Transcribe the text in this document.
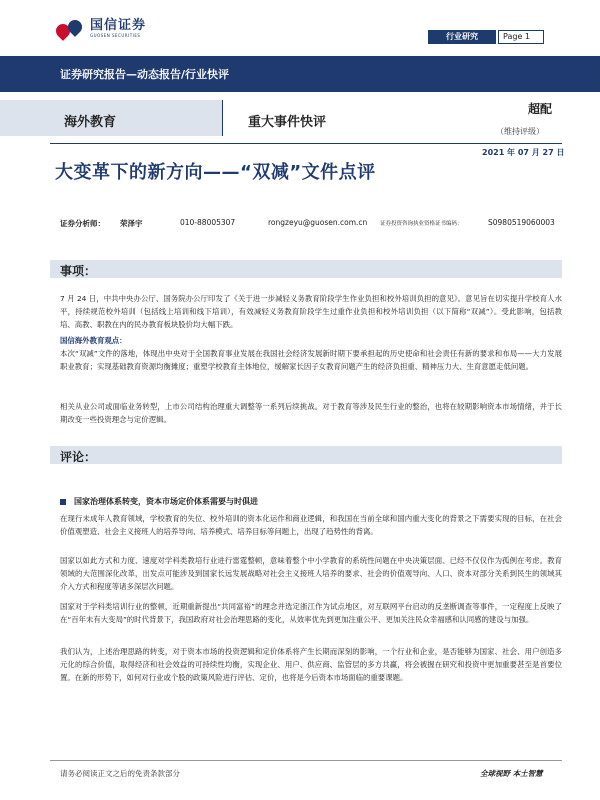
国信证券
GUOSEN SECURITIES	行业研究	Page 1
证券研究报告—动态报告/行业快评
海外教育	重大事件快评
超配
（维持评级）
2021 年 07 月 27 日
大变革下的新方向——“双减”文件点评
证券分析师：	荣泽宇	010-88005307	rongzeyu@guosen.com.cn	证券投资咨询执业资格证书编码：	S0980519060003
事项：
7 月 24 日，中共中央办公厅、国务院办公厅印发了《关于进一步减轻义务教育阶段学生作业负担和校外培训负担的意见》。意见旨在切实提升学校育人水平，持续规范校外培训（包括线上培训和线下培训），有效减轻义务教育阶段学生过重作业负担和校外培训负担（以下简称“双减”）。受此影响，包括教培、高教、职教在内的民办教育板块股价均大幅下跌。
国信海外教育观点：
本次“双减”文件的落地，体现出中央对于全国教育事业发展在我国社会经济发展新时期下要承担起的历史使命和社会责任有新的要求和布局——大力发展职业教育；实现基础教育资源均衡摊度；重塑学校教育主体地位，缓解家长因子女教育问题产生的经济负担重、精神压力大、生育意愿走低问题。
相关从业公司或面临业务转型，上市公司结构治理重大调整等一系列后续挑战。对于教育等涉及民生行业的整治，也将在较期影响资本市场情绪，并于长期改变一些投资理念与定价逻辑。
评论：
国家治理体系转变，资本市场定价体系需要与时俱进
在现行未成年人教育领域，学校教育的失位、校外培训的资本化运作和商业逻辑，和我国在当前全球和国内重大变化的背景之下需要实现的目标，在社会价值观塑造、社会主义接班人的培养导向、培养模式、培养目标等问题上，出现了趋势性的背离。
国家以如此方式和力度、速度对学科类教培行业进行雷霆整顿，意味着整个中小学教育的系统性问题在中央决策层面、已经不仅仅作为孤例在考虑。教育领域的大范围深化改革，出发点可能涉及到国家长远发展战略对社会主义接班人培养的要求、社会的价值观导向、人口、资本对部分关系到民生的领域其介入方式和程度等诸多深层次问题。
国家对于学科类培训行业的整顿，近期重新提出“共同富裕”的理念并选定浙江作为试点地区，对互联网平台启动的反垄断调查等事件，一定程度上反映了在“百年未有大变局”的时代背景下，我国政府对社会治理思路的变化，从效率优先到更加注重公平、更加关注民众幸福感和认同感的建设与加强。
我们认为，上述治理思路的转变，对于资本市场的投资逻辑和定价体系将产生长期而深刻的影响，一个行业和企业，是否能够为国家、社会、用户创造多元化的综合价值，取得经济和社会效益的可持续性均衡，实现企业、用户、供应商、监管层的多方共赢，将会被握在研究和投资中更加重要甚至是首要位置。在新的形势下，如何对行业或个股的政策风险进行评估、定价，也将是今后资本市场面临的重要课题。
请务必阅读正文之后的免责条款部分	全球视野 本土智慧
